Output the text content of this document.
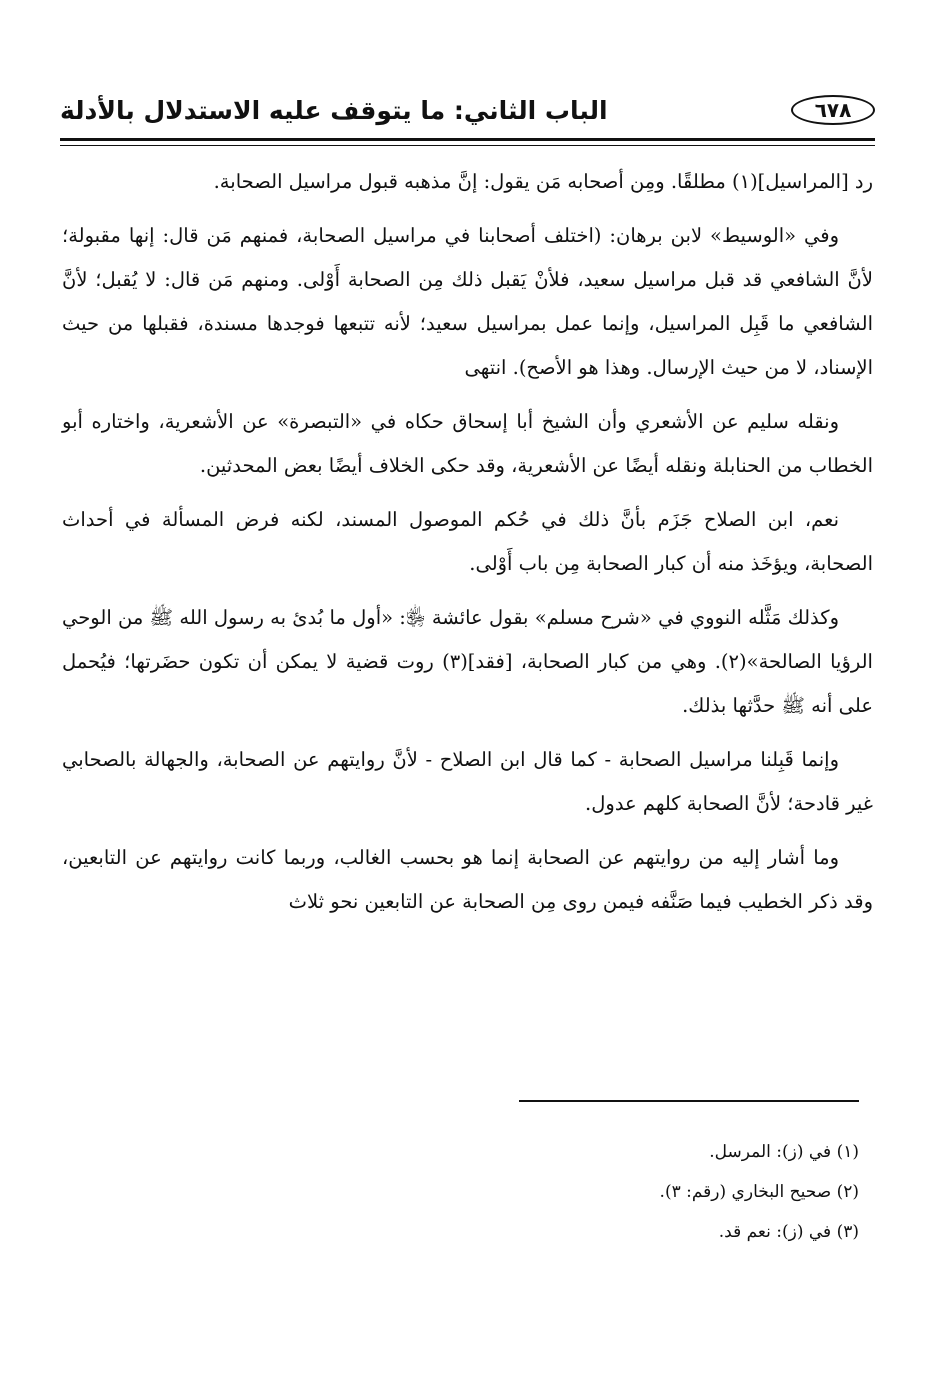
٦٧٨
الباب الثاني: ما يتوقف عليه الاستدلال بالأدلة

رد [المراسيل](١) مطلقًا. ومِن أصحابه مَن يقول: إنَّ مذهبه قبول مراسيل الصحابة.

وفي «الوسيط» لابن برهان: (اختلف أصحابنا في مراسيل الصحابة، فمنهم مَن قال: إنها مقبولة؛ لأنَّ الشافعي قد قبل مراسيل سعيد، فلأنْ يَقبل ذلك مِن الصحابة أَوْلى. ومنهم مَن قال: لا يُقبل؛ لأنَّ الشافعي ما قَبِل المراسيل، وإنما عمل بمراسيل سعيد؛ لأنه تتبعها فوجدها مسندة، فقبلها من حيث الإسناد، لا من حيث الإرسال. وهذا هو الأصح). انتهى

ونقله سليم عن الأشعري وأن الشيخ أبا إسحاق حكاه في «التبصرة» عن الأشعرية، واختاره أبو الخطاب من الحنابلة ونقله أيضًا عن الأشعرية، وقد حكى الخلاف أيضًا بعض المحدثين.

نعم، ابن الصلاح جَزَم بأنَّ ذلك في حُكم الموصول المسند، لكنه فرض المسألة في أحداث الصحابة، ويؤخَذ منه أن كبار الصحابة مِن باب أَوْلى.

وكذلك مَثَّله النووي في «شرح مسلم» بقول عائشة ﵂: «أول ما بُدئ به رسول الله ﷺ من الوحي الرؤيا الصالحة»(٢). وهي من كبار الصحابة، [فقد](٣) روت قضية لا يمكن أن تكون حضَرتها؛ فيُحمل على أنه ﷺ حدَّثها بذلك.

وإنما قَبِلنا مراسيل الصحابة - كما قال ابن الصلاح - لأنَّ روايتهم عن الصحابة، والجهالة بالصحابي غير قادحة؛ لأنَّ الصحابة كلهم عدول.

وما أشار إليه من روايتهم عن الصحابة إنما هو بحسب الغالب، وربما كانت روايتهم عن التابعين، وقد ذكر الخطيب فيما صَنَّفه فيمن روى مِن الصحابة عن التابعين نحو ثلاث

(١) في (ز): المرسل.

(٢) صحيح البخاري (رقم: ٣).

(٣) في (ز): نعم قد.
